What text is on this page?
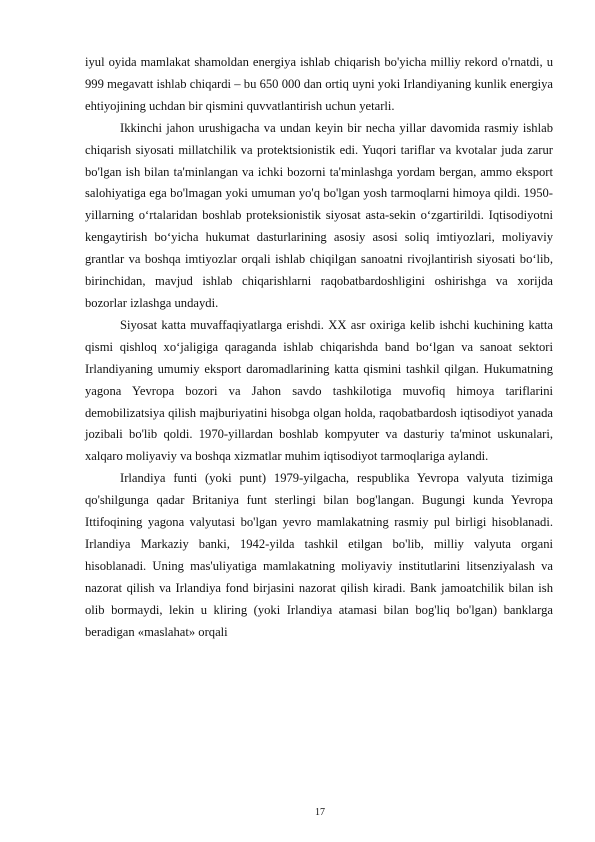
iyul oyida mamlakat shamoldan energiya ishlab chiqarish bo'yicha milliy rekord o'rnatdi, u 999 megavatt ishlab chiqardi – bu 650 000 dan ortiq uyni yoki Irlandiyaning kunlik energiya ehtiyojining uchdan bir qismini quvvatlantirish uchun yetarli.

Ikkinchi jahon urushigacha va undan keyin bir necha yillar davomida rasmiy ishlab chiqarish siyosati millatchilik va protektsionistik edi. Yuqori tariflar va kvotalar juda zarur bo'lgan ish bilan ta'minlangan va ichki bozorni ta'minlashga yordam bergan, ammo eksport salohiyatiga ega bo'lmagan yoki umuman yo'q bo'lgan yosh tarmoqlarni himoya qildi. 1950-yillarning o‘rtalaridan boshlab proteksionistik siyosat asta-sekin o‘zgartirildi. Iqtisodiyotni kengaytirish bo‘yicha hukumat dasturlarining asosiy asosi soliq imtiyozlari, moliyaviy grantlar va boshqa imtiyozlar orqali ishlab chiqilgan sanoatni rivojlantirish siyosati bo‘lib, birinchidan, mavjud ishlab chiqarishlarni raqobatbardoshligini oshirishga va xorijda bozorlar izlashga undaydi.

Siyosat katta muvaffaqiyatlarga erishdi. XX asr oxiriga kelib ishchi kuchining katta qismi qishloq xo‘jaligiga qaraganda ishlab chiqarishda band bo‘lgan va sanoat sektori Irlandiyaning umumiy eksport daromadlarining katta qismini tashkil qilgan. Hukumatning yagona Yevropa bozori va Jahon savdo tashkilotiga muvofiq himoya tariflarini demobilizatsiya qilish majburiyatini hisobga olgan holda, raqobatbardosh iqtisodiyot yanada jozibali bo'lib qoldi. 1970-yillardan boshlab kompyuter va dasturiy ta'minot uskunalari, xalqaro moliyaviy va boshqa xizmatlar muhim iqtisodiyot tarmoqlariga aylandi.

Irlandiya funti (yoki punt) 1979-yilgacha, respublika Yevropa valyuta tizimiga qo'shilgunga qadar Britaniya funt sterlingi bilan bog'langan. Bugungi kunda Yevropa Ittifoqining yagona valyutasi bo'lgan yevro mamlakatning rasmiy pul birligi hisoblanadi. Irlandiya Markaziy banki, 1942-yilda tashkil etilgan bo'lib, milliy valyuta organi hisoblanadi. Uning mas'uliyatiga mamlakatning moliyaviy institutlarini litsenziyalash va nazorat qilish va Irlandiya fond birjasini nazorat qilish kiradi. Bank jamoatchilik bilan ish olib bormaydi, lekin u kliring (yoki Irlandiya atamasi bilan bog'liq bo'lgan) banklarga beradigan «maslahat» orqali

17
